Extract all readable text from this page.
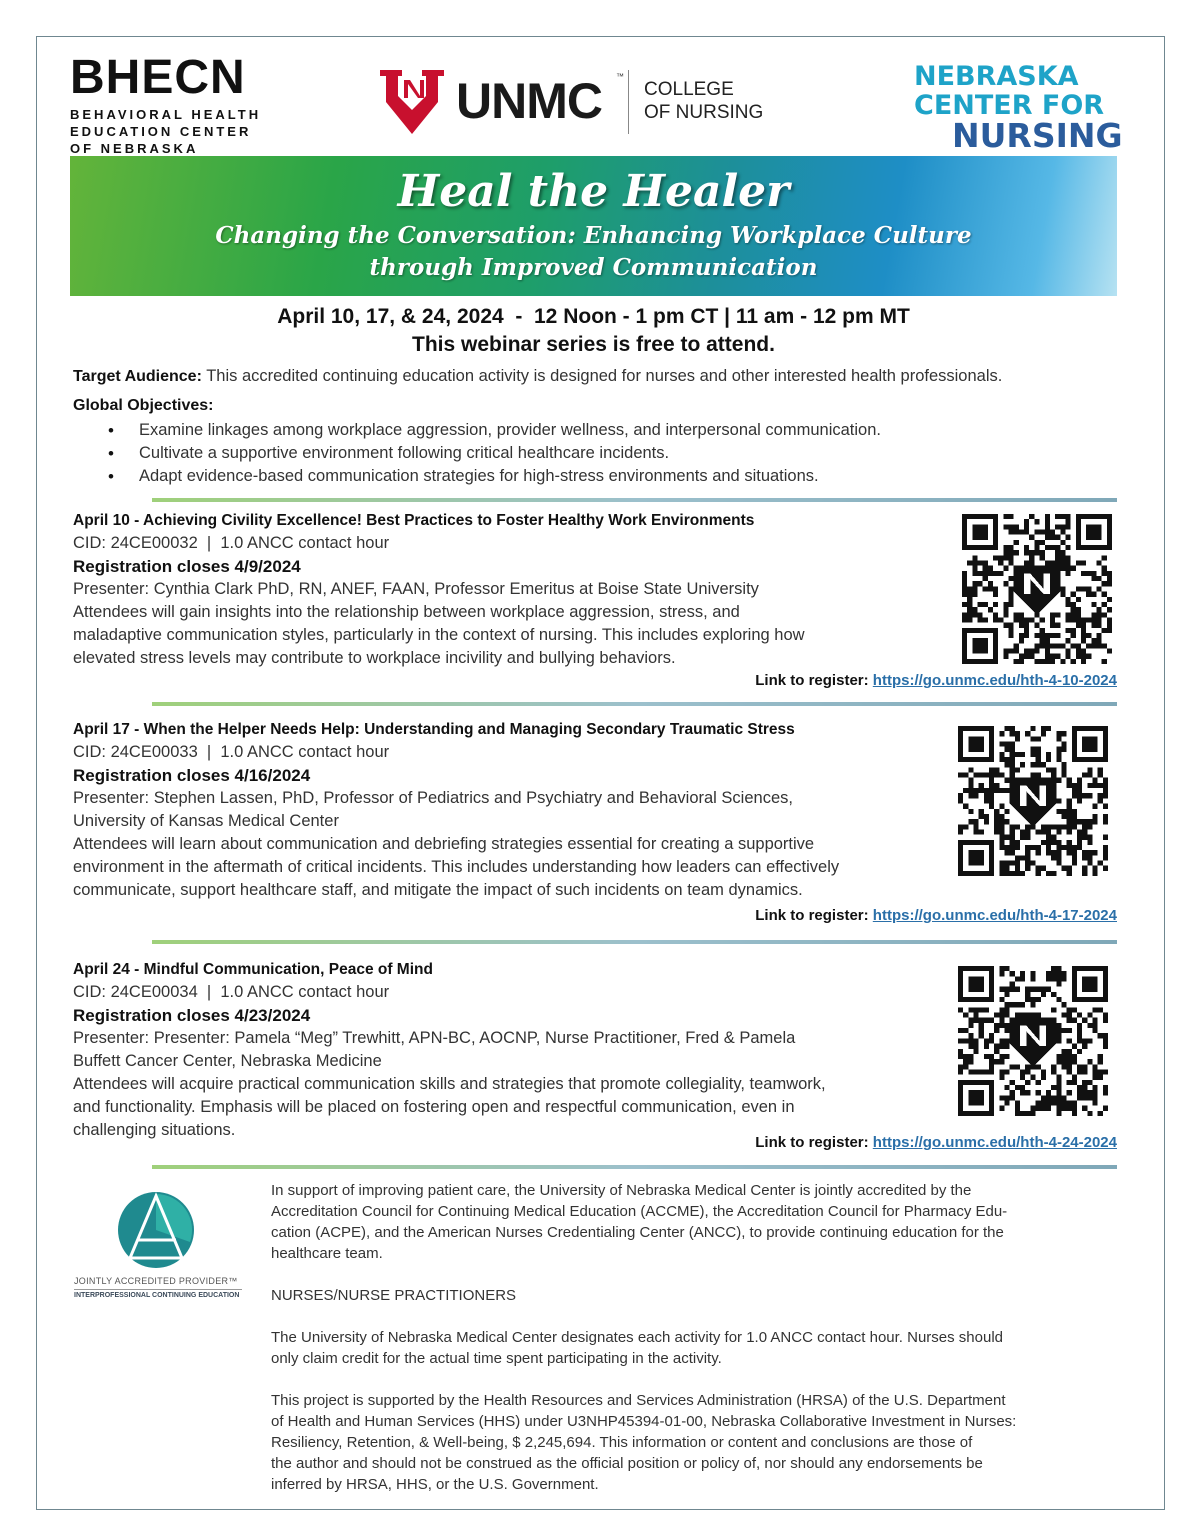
BHECN
BEHAVIORAL HEALTH
EDUCATION CENTER
OF NEBRASKA
UNMC ™
COLLEGE
OF NURSING
NEBRASKA
CENTER FOR
NURSING
Heal the Healer
Changing the Conversation: Enhancing Workplace Culture
through Improved Communication
April 10, 17, & 24, 2024  -  12 Noon - 1 pm CT | 11 am - 12 pm MT
This webinar series is free to attend.
Target Audience: This accredited continuing education activity is designed for nurses and other interested health professionals.
Global Objectives:
• Examine linkages among workplace aggression, provider wellness, and interpersonal communication.
• Cultivate a supportive environment following critical healthcare incidents.
• Adapt evidence-based communication strategies for high-stress environments and situations.
April 10 - Achieving Civility Excellence! Best Practices to Foster Healthy Work Environments
CID: 24CE00032  |  1.0 ANCC contact hour
Registration closes 4/9/2024
Presenter: Cynthia Clark PhD, RN, ANEF, FAAN, Professor Emeritus at Boise State University
Attendees will gain insights into the relationship between workplace aggression, stress, and
maladaptive communication styles, particularly in the context of nursing. This includes exploring how
elevated stress levels may contribute to workplace incivility and bullying behaviors.
Link to register: https://go.unmc.edu/hth-4-10-2024
April 17 - When the Helper Needs Help: Understanding and Managing Secondary Traumatic Stress
CID: 24CE00033  |  1.0 ANCC contact hour
Registration closes 4/16/2024
Presenter: Stephen Lassen, PhD, Professor of Pediatrics and Psychiatry and Behavioral Sciences,
University of Kansas Medical Center
Attendees will learn about communication and debriefing strategies essential for creating a supportive
environment in the aftermath of critical incidents. This includes understanding how leaders can effectively
communicate, support healthcare staff, and mitigate the impact of such incidents on team dynamics.
Link to register: https://go.unmc.edu/hth-4-17-2024
April 24 - Mindful Communication, Peace of Mind
CID: 24CE00034  |  1.0 ANCC contact hour
Registration closes 4/23/2024
Presenter: Presenter: Pamela “Meg” Trewhitt, APN-BC, AOCNP, Nurse Practitioner, Fred & Pamela
Buffett Cancer Center, Nebraska Medicine
Attendees will acquire practical communication skills and strategies that promote collegiality, teamwork,
and functionality. Emphasis will be placed on fostering open and respectful communication, even in
challenging situations.
Link to register: https://go.unmc.edu/hth-4-24-2024
JOINTLY ACCREDITED PROVIDER™
INTERPROFESSIONAL CONTINUING EDUCATION
In support of improving patient care, the University of Nebraska Medical Center is jointly accredited by the
Accreditation Council for Continuing Medical Education (ACCME), the Accreditation Council for Pharmacy Edu-
cation (ACPE), and the American Nurses Credentialing Center (ANCC), to provide continuing education for the
healthcare team.
NURSES/NURSE PRACTITIONERS
The University of Nebraska Medical Center designates each activity for 1.0 ANCC contact hour. Nurses should
only claim credit for the actual time spent participating in the activity.
This project is supported by the Health Resources and Services Administration (HRSA) of the U.S. Department
of Health and Human Services (HHS) under U3NHP45394-01-00, Nebraska Collaborative Investment in Nurses:
Resiliency, Retention, & Well-being, $ 2,245,694. This information or content and conclusions are those of
the author and should not be construed as the official position or policy of, nor should any endorsements be
inferred by HRSA, HHS, or the U.S. Government.
